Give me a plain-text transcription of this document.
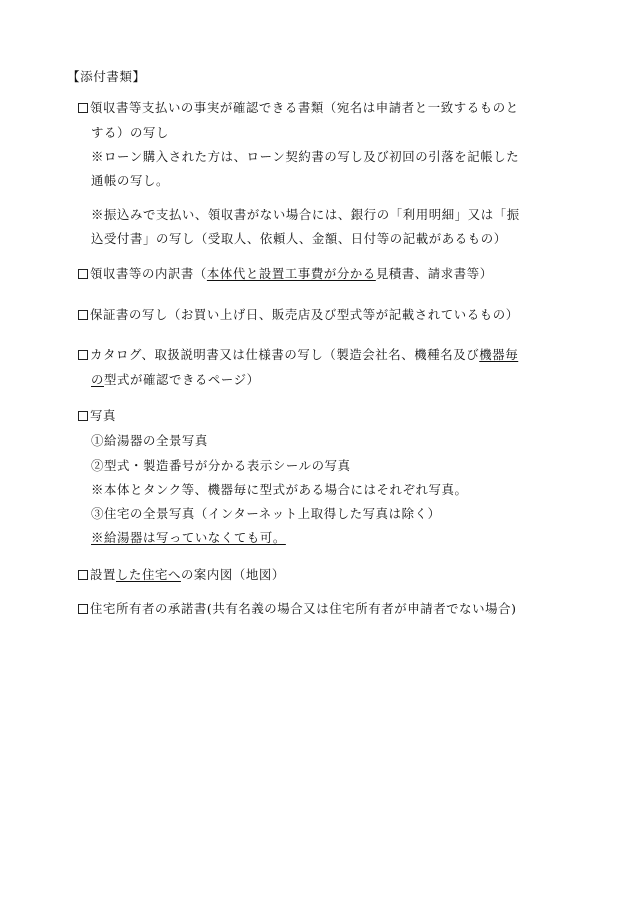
【添付書類】
領収書等支払いの事実が確認できる書類（宛名は申請者と一致するものと
する）の写し
※ローン購入された方は、ローン契約書の写し及び初回の引落を記帳した
通帳の写し。
※振込みで支払い、領収書がない場合には、銀行の「利用明細」又は「振
込受付書」の写し（受取人、依頼人、金額、日付等の記載があるもの）
領収書等の内訳書（本体代と設置工事費が分かる見積書、請求書等）
保証書の写し（お買い上げ日、販売店及び型式等が記載されているもの）
カタログ、取扱説明書又は仕様書の写し（製造会社名、機種名及び機器毎
の型式が確認できるページ）
写真
①給湯器の全景写真
②型式・製造番号が分かる表示シールの写真
※本体とタンク等、機器毎に型式がある場合にはそれぞれ写真。
③住宅の全景写真（インターネット上取得した写真は除く）
※給湯器は写っていなくても可。
設置した住宅への案内図（地図）
住宅所有者の承諾書(共有名義の場合又は住宅所有者が申請者でない場合)
